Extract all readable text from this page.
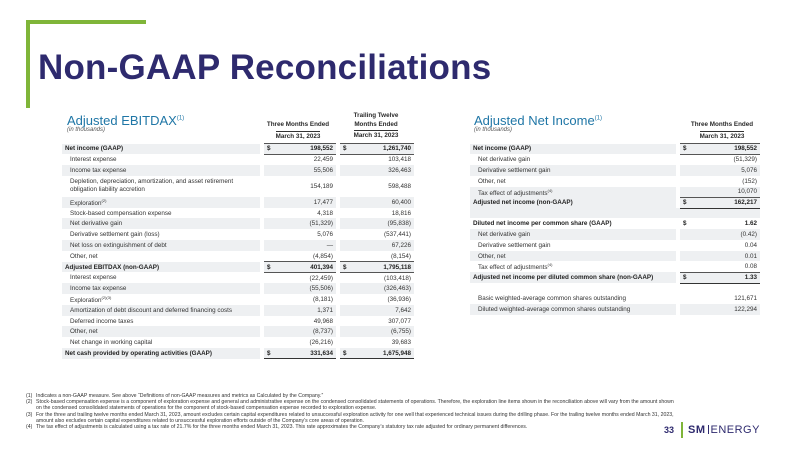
Non-GAAP Reconciliations
Adjusted EBITDAX$^{(1)}$
(in thousands)
Three Months Ended
March 31, 2023
Trailing Twelve
Months Ended
March 31, 2023
Net income (GAAP)		$	198,552		$	1,261,740
Interest expense			22,459			103,418
Income tax expense			55,506			326,463
Depletion, depreciation, amortization, and asset retirement obligation liability accretion			154,189			598,488
Exploration$^{(2)}$			17,477			60,400
Stock-based compensation expense			4,318			18,816
Net derivative gain			(51,329)			(95,838)
Derivative settlement gain (loss)			5,076			(537,441)
Net loss on extinguishment of debt			—			67,226
Other, net			(4,854)			(8,154)
Adjusted EBITDAX (non-GAAP)		$	401,394		$	1,795,118
Interest expense			(22,459)			(103,418)
Income tax expense			(55,506)			(326,463)
Exploration$^{(2)(3)}$			(8,181)			(36,936)
Amortization of debt discount and deferred financing costs			1,371			7,642
Deferred income taxes			49,968			307,077
Other, net			(8,737)			(6,755)
Net change in working capital			(26,216)			39,683
Net cash provided by operating activities (GAAP)		$	331,634		$	1,675,948
Adjusted Net Income$^{(1)}$
(in thousands)
Three Months Ended
March 31, 2023
Net income (GAAP)		$	198,552
Net derivative gain			(51,329)
Derivative settlement gain			5,076
Other, net			(152)
Tax effect of adjustments$^{(4)}$			10,070
Adjusted net income (non-GAAP)		$	162,217

Diluted net income per common share (GAAP)		$	1.62
Net derivative gain			(0.42)
Derivative settlement gain			0.04
Other, net			0.01
Tax effect of adjustments$^{(4)}$			0.08
Adjusted net income per diluted common share (non-GAAP)		$	1.33

Basic weighted-average common shares outstanding			121,671
Diluted weighted-average common shares outstanding			122,294
(1) Indicates a non-GAAP measure. See above “Definitions of non-GAAP measures and metrics as Calculated by the Company.”
(2) Stock-based compensation expense is a component of exploration expense and general and administrative expense on the condensed consolidated statements of operations. Therefore, the exploration line items shown in the reconciliation above will vary from the amount shown on the condensed consolidated statements of operations for the component of stock-based compensation expense recorded to exploration expense.
(3) For the three and trailing twelve months ended March 31, 2023, amount excludes certain capital expenditures related to unsuccessful exploration activity for one well that experienced technical issues during the drilling phase. For the trailing twelve months ended March 31, 2023, amount also excludes certain capital expenditures related to unsuccessful exploration efforts outside of the Company’s core areas of operation.
(4) The tax effect of adjustments is calculated using a tax rate of 21.7% for the three months ended March 31, 2023. This rate approximates the Company’s statutory tax rate adjusted for ordinary permanent differences.	33 SM ENERGY
